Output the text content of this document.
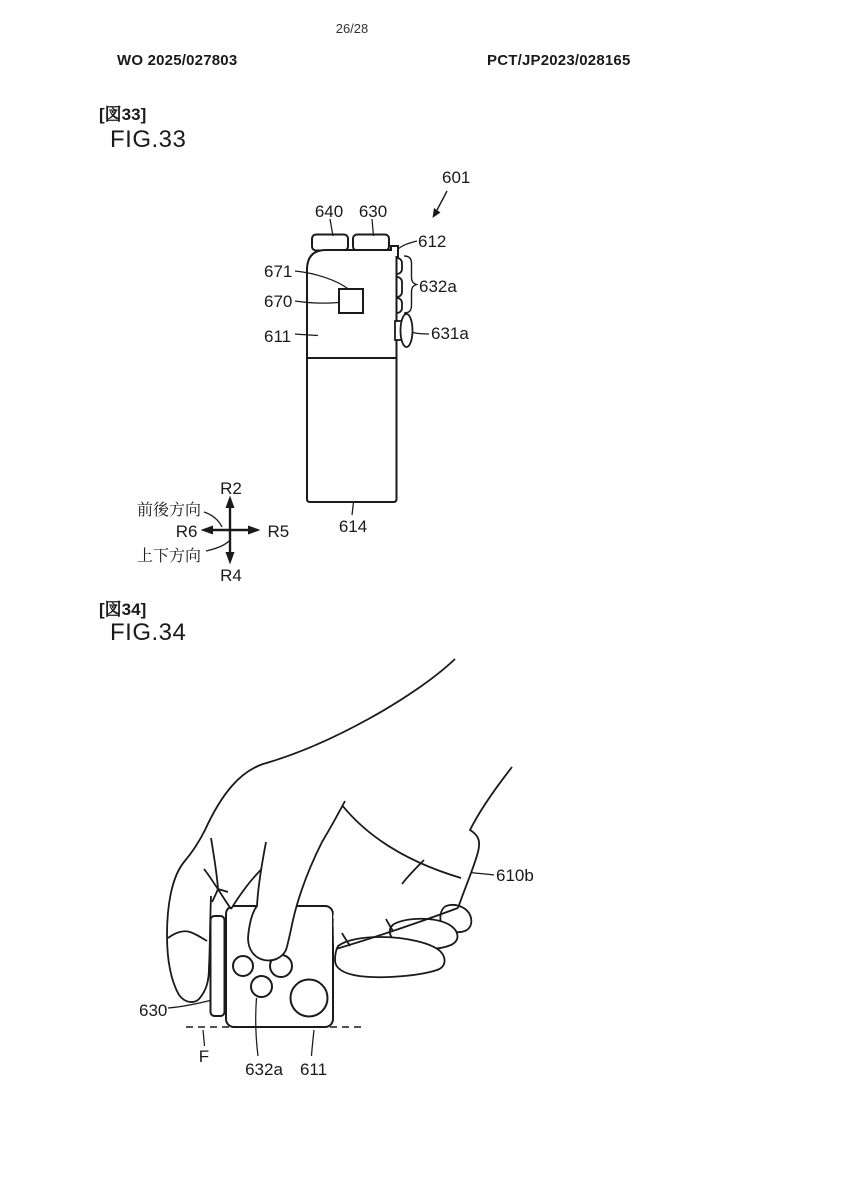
26/28
WO 2025/027803	PCT/JP2023/028165
[図33]
FIG.33
[図34]
FIG.34
601
640 630
612
671
670
611
632a
631a
614
R2
R4
R6	R5
前後方向
上下方向
610b
630
F
632a 611
